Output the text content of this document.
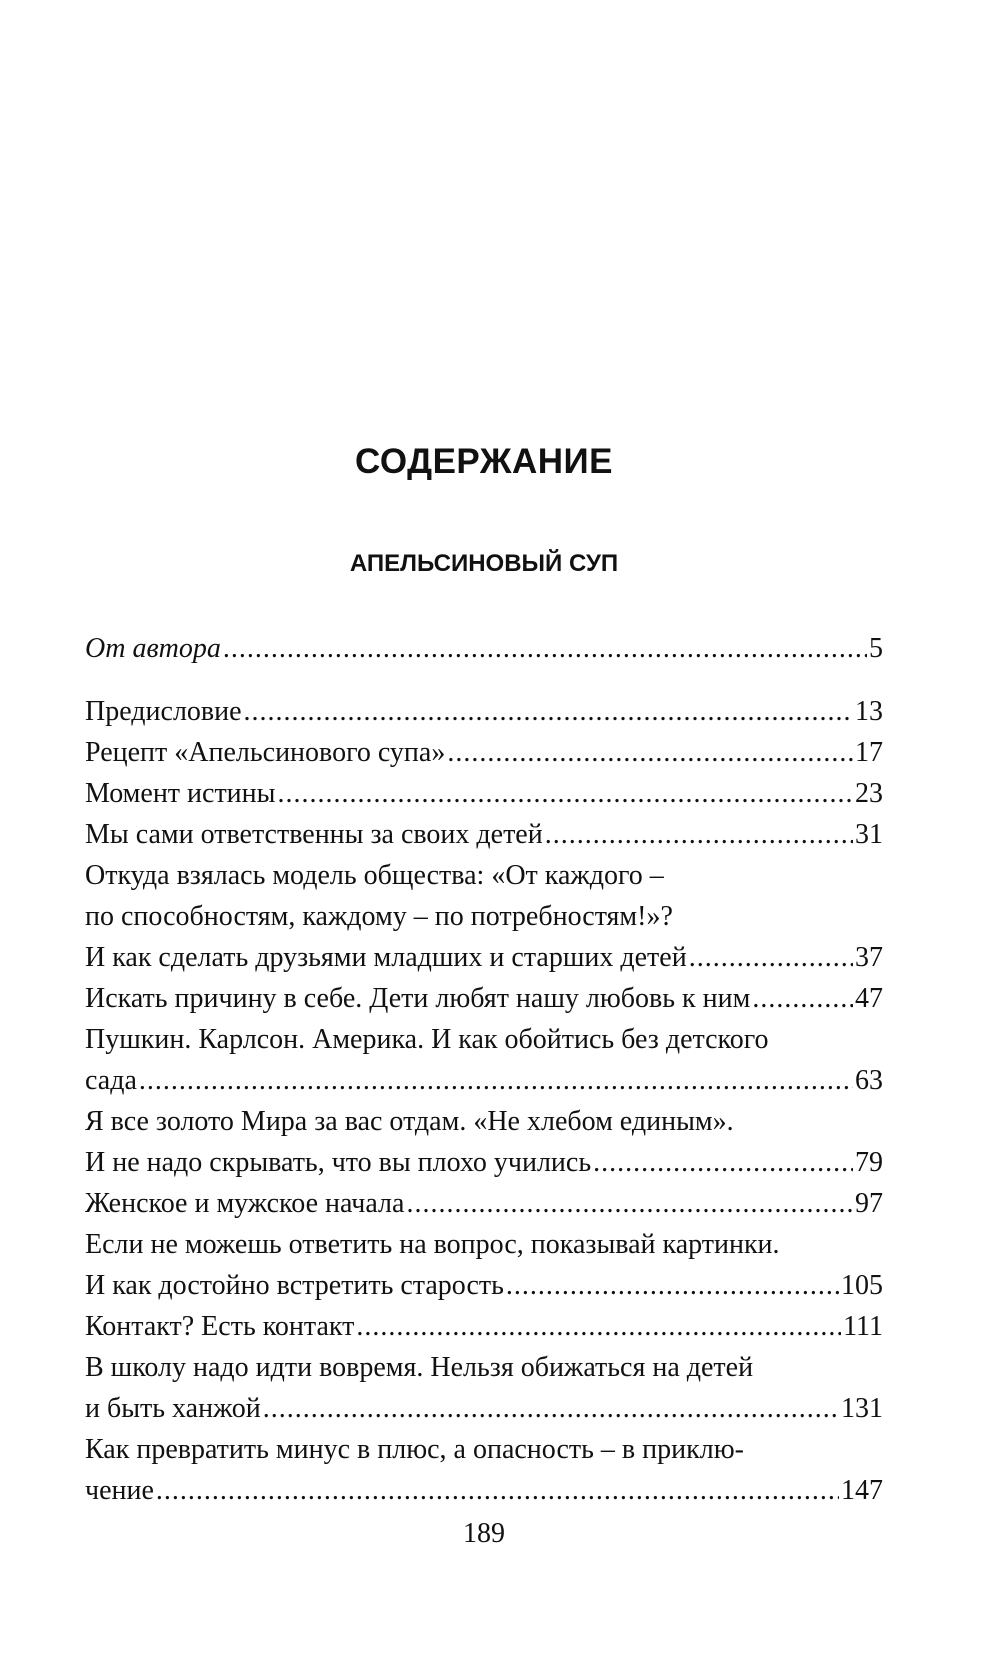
СОДЕРЖАНИЕ
АПЕЛЬСИНОВЫЙ СУП
От автора .....	5
Предисловие .....	13
Рецепт «Апельсинового супа» .....	17
Момент истины .....	23
Мы сами ответственны за своих детей .....	31
Откуда взялась модель общества: «От каждого –
по способностям, каждому – по потребностям!»?
И как сделать друзьями младших и старших детей .....	37
Искать причину в себе. Дети любят нашу любовь к ним .....	47
Пушкин. Карлсон. Америка. И как обойтись без детского
сада .....	63
Я все золото Мира за вас отдам. «Не хлебом единым».
И не надо скрывать, что вы плохо учились .....	79
Женское и мужское начала .....	97
Если не можешь ответить на вопрос, показывай картинки.
И как достойно встретить старость .....	105
Контакт? Есть контакт .....	111
В школу надо идти вовремя. Нельзя обижаться на детей
и быть ханжой .....	131
Как превратить минус в плюс, а опасность – в приклю-
чение .....	147
189
